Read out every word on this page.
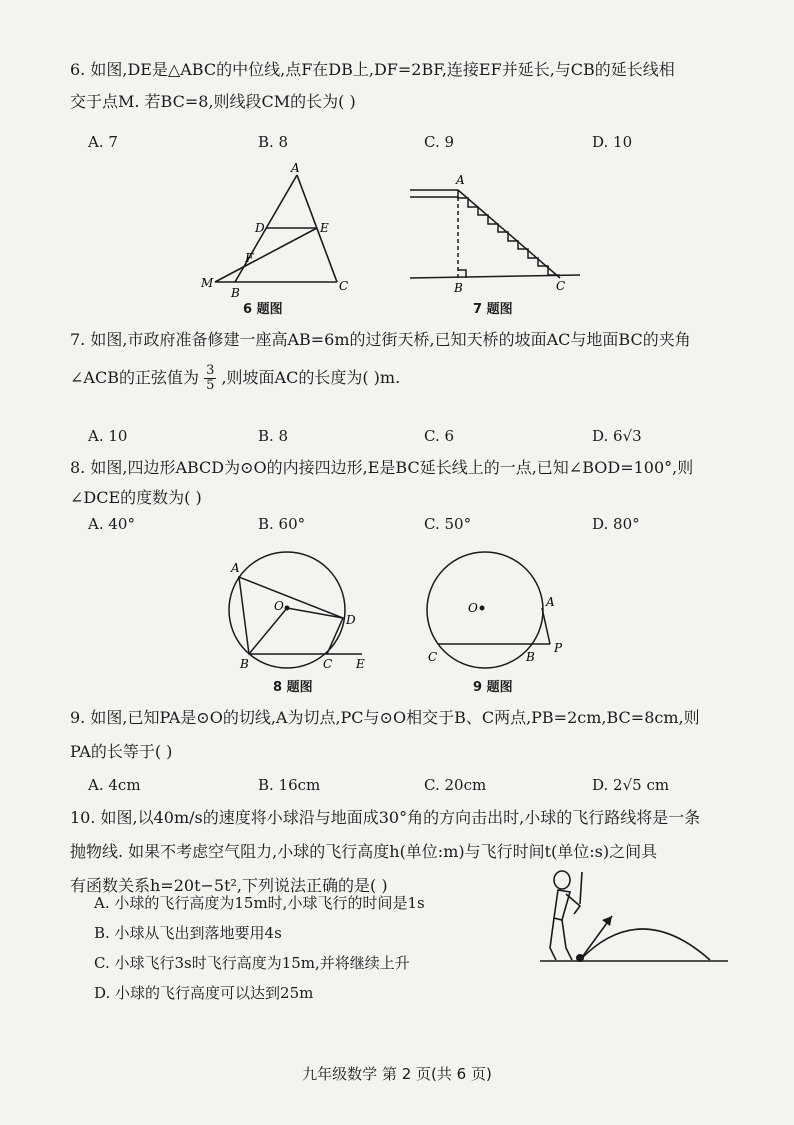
6. 如图,DE是△ABC的中位线,点F在DB上,DF=2BF,连接EF并延长,与CB的延长线相
交于点M. 若BC=8,则线段CM的长为( )
A. 7	B. 8	C. 9	D. 10
A
D	E
F
M
B	C
6 题图
A
B	C
7 题图
7. 如图,市政府准备修建一座高AB=6m的过街天桥,已知天桥的坡面AC与地面BC的夹角
∠ACB的正弦值为 $\frac{3}{5}$ ,则坡面AC的长度为( )m.
A. 10	B. 8	C. 6	D. 6√3
8. 如图,四边形ABCD为⊙O的内接四边形,E是BC延长线上的一点,已知∠BOD=100°,则
∠DCE的度数为( )
A. 40°	B. 60°	C. 50°	D. 80°
A
O
D
B	C E
8 题图
O	A
C	B
P
9 题图
9. 如图,已知PA是⊙O的切线,A为切点,PC与⊙O相交于B、C两点,PB=2cm,BC=8cm,则
PA的长等于( )
A. 4cm	B. 16cm	C. 20cm	D. 2√5 cm
10. 如图,以40m/s的速度将小球沿与地面成30°角的方向击出时,小球的飞行路线将是一条
抛物线. 如果不考虑空气阻力,小球的飞行高度h(单位:m)与飞行时间t(单位:s)之间具
有函数关系h=20t−5t²,下列说法正确的是( )
A. 小球的飞行高度为15m时,小球飞行的时间是1s
B. 小球从飞出到落地要用4s
C. 小球飞行3s时飞行高度为15m,并将继续上升
D. 小球的飞行高度可以达到25m
九年级数学 第 2 页(共 6 页)
